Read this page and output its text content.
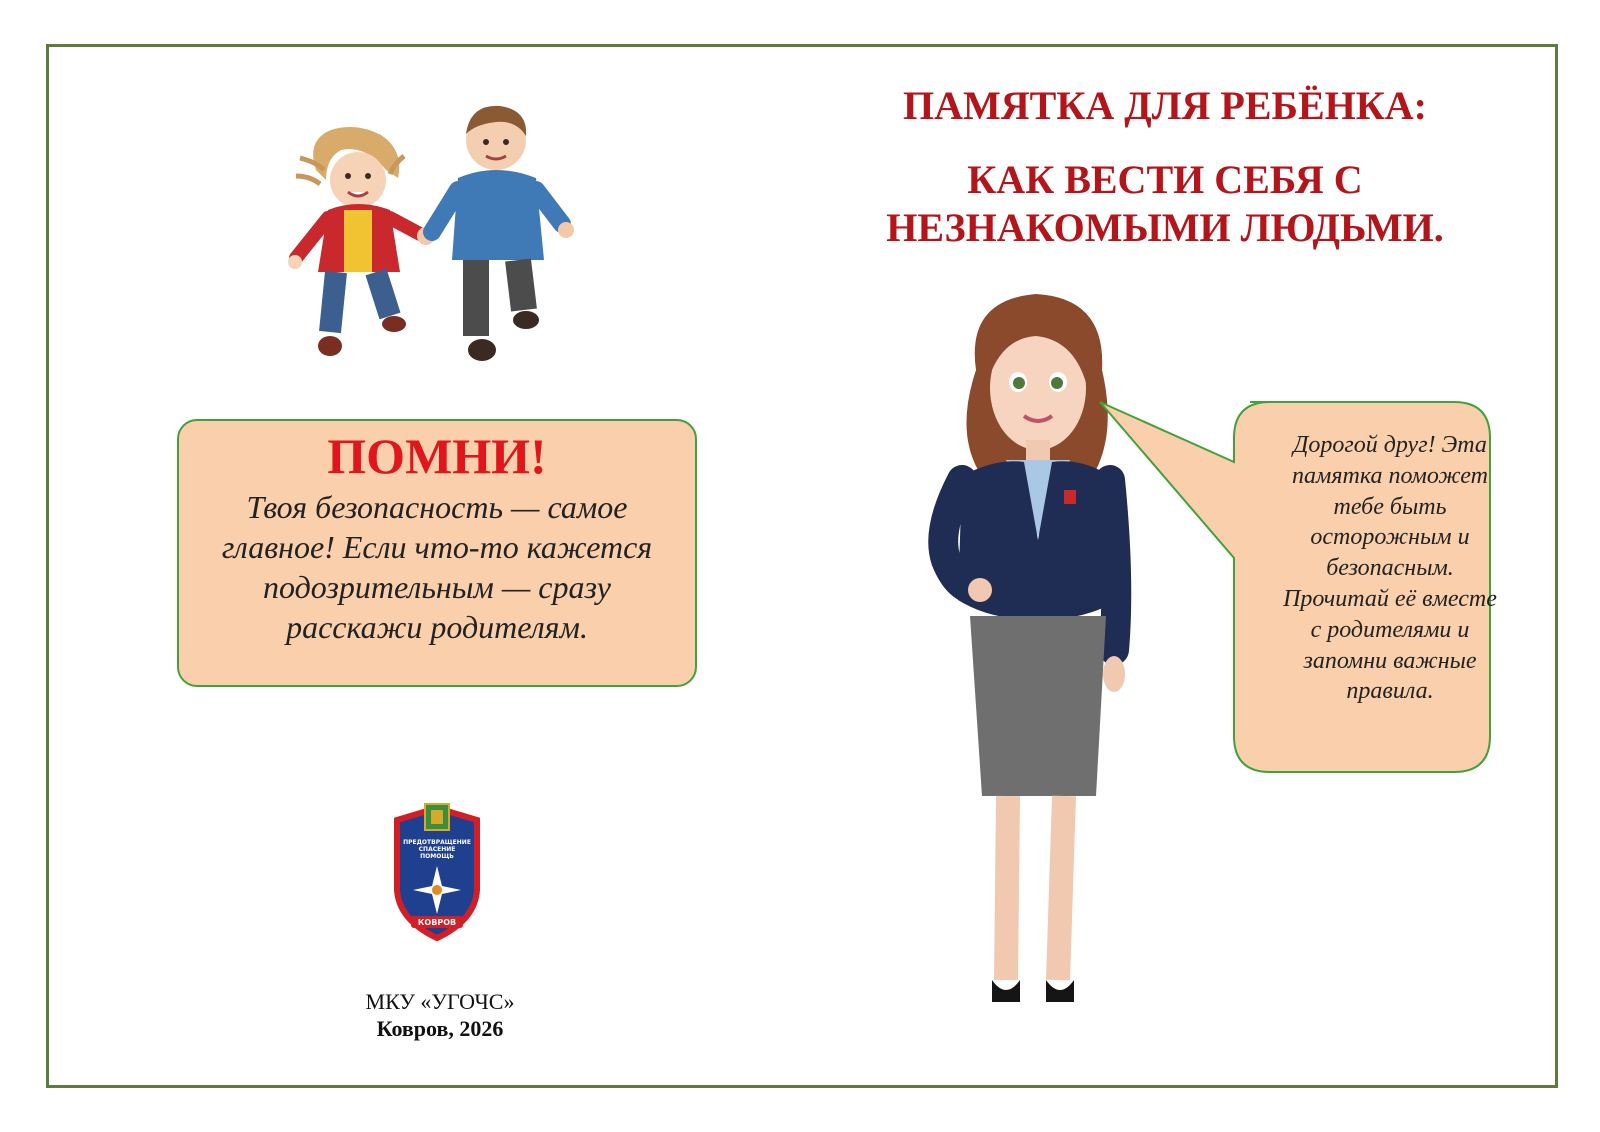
ПАМЯТКА ДЛЯ РЕБЁНКА:
КАК ВЕСТИ СЕБЯ С НЕЗНАКОМЫМИ ЛЮДЬМИ.
ПОМНИ!
Твоя безопасность — самое главное! Если что-то кажется подозрительным — сразу расскажи родителям.
ПРЕДОТВРАЩЕНИЕ
СПАСЕНИЕ
ПОМОЩЬ
КОВРОВ
МКУ «УГОЧС»
Ковров, 2026
Дорогой друг! Эта памятка поможет тебе быть осторожным и безопасным. Прочитай её вместе с родителями и запомни важные правила.
